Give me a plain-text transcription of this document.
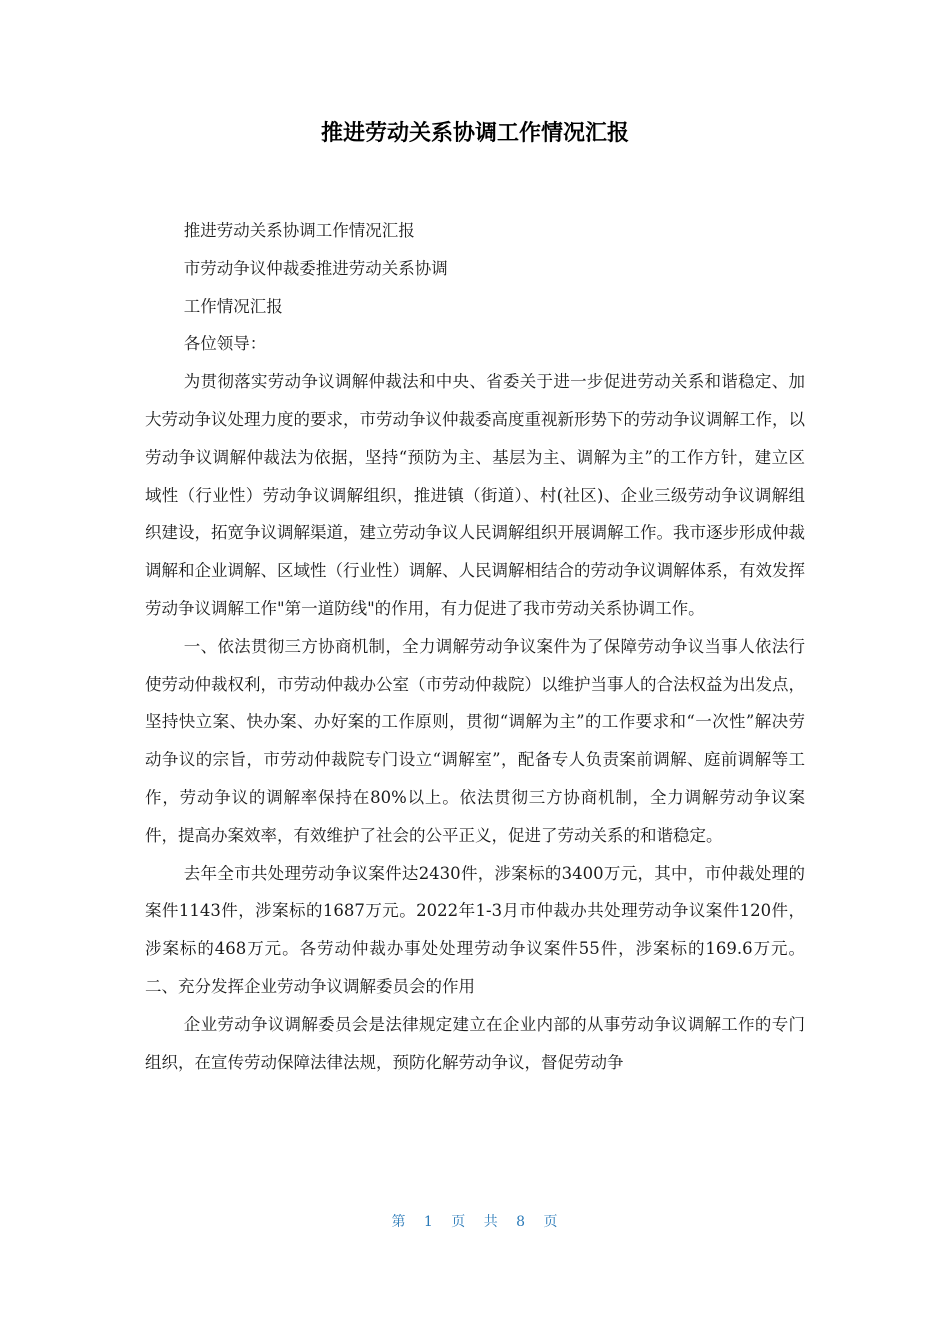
推进劳动关系协调工作情况汇报

推进劳动关系协调工作情况汇报

市劳动争议仲裁委推进劳动关系协调

工作情况汇报

各位领导：

为贯彻落实劳动争议调解仲裁法和中央、省委关于进一步促进劳动关系和谐稳定、加大劳动争议处理力度的要求，市劳动争议仲裁委高度重视新形势下的劳动争议调解工作，以劳动争议调解仲裁法为依据，坚持“预防为主、基层为主、调解为主”的工作方针，建立区域性（行业性）劳动争议调解组织，推进镇（街道）、村(社区)、企业三级劳动争议调解组织建设，拓宽争议调解渠道，建立劳动争议人民调解组织开展调解工作。我市逐步形成仲裁调解和企业调解、区域性（行业性）调解、人民调解相结合的劳动争议调解体系，有效发挥劳动争议调解工作"第一道防线"的作用，有力促进了我市劳动关系协调工作。

一、依法贯彻三方协商机制，全力调解劳动争议案件为了保障劳动争议当事人依法行使劳动仲裁权利，市劳动仲裁办公室（市劳动仲裁院）以维护当事人的合法权益为出发点，坚持快立案、快办案、办好案的工作原则，贯彻“调解为主”的工作要求和“一次性”解决劳动争议的宗旨，市劳动仲裁院专门设立“调解室”，配备专人负责案前调解、庭前调解等工作，劳动争议的调解率保持在80%以上。依法贯彻三方协商机制，全力调解劳动争议案件，提高办案效率，有效维护了社会的公平正义，促进了劳动关系的和谐稳定。

去年全市共处理劳动争议案件达2430件，涉案标的3400万元，其中，市仲裁处理的案件1143件，涉案标的1687万元。2022年1-3月市仲裁办共处理劳动争议案件120件，涉案标的468万元。各劳动仲裁办事处处理劳动争议案件55件，涉案标的169.6万元。二、充分发挥企业劳动争议调解委员会的作用

企业劳动争议调解委员会是法律规定建立在企业内部的从事劳动争议调解工作的专门组织，在宣传劳动保障法律法规，预防化解劳动争议，督促劳动争

第 1 页 共 8 页
